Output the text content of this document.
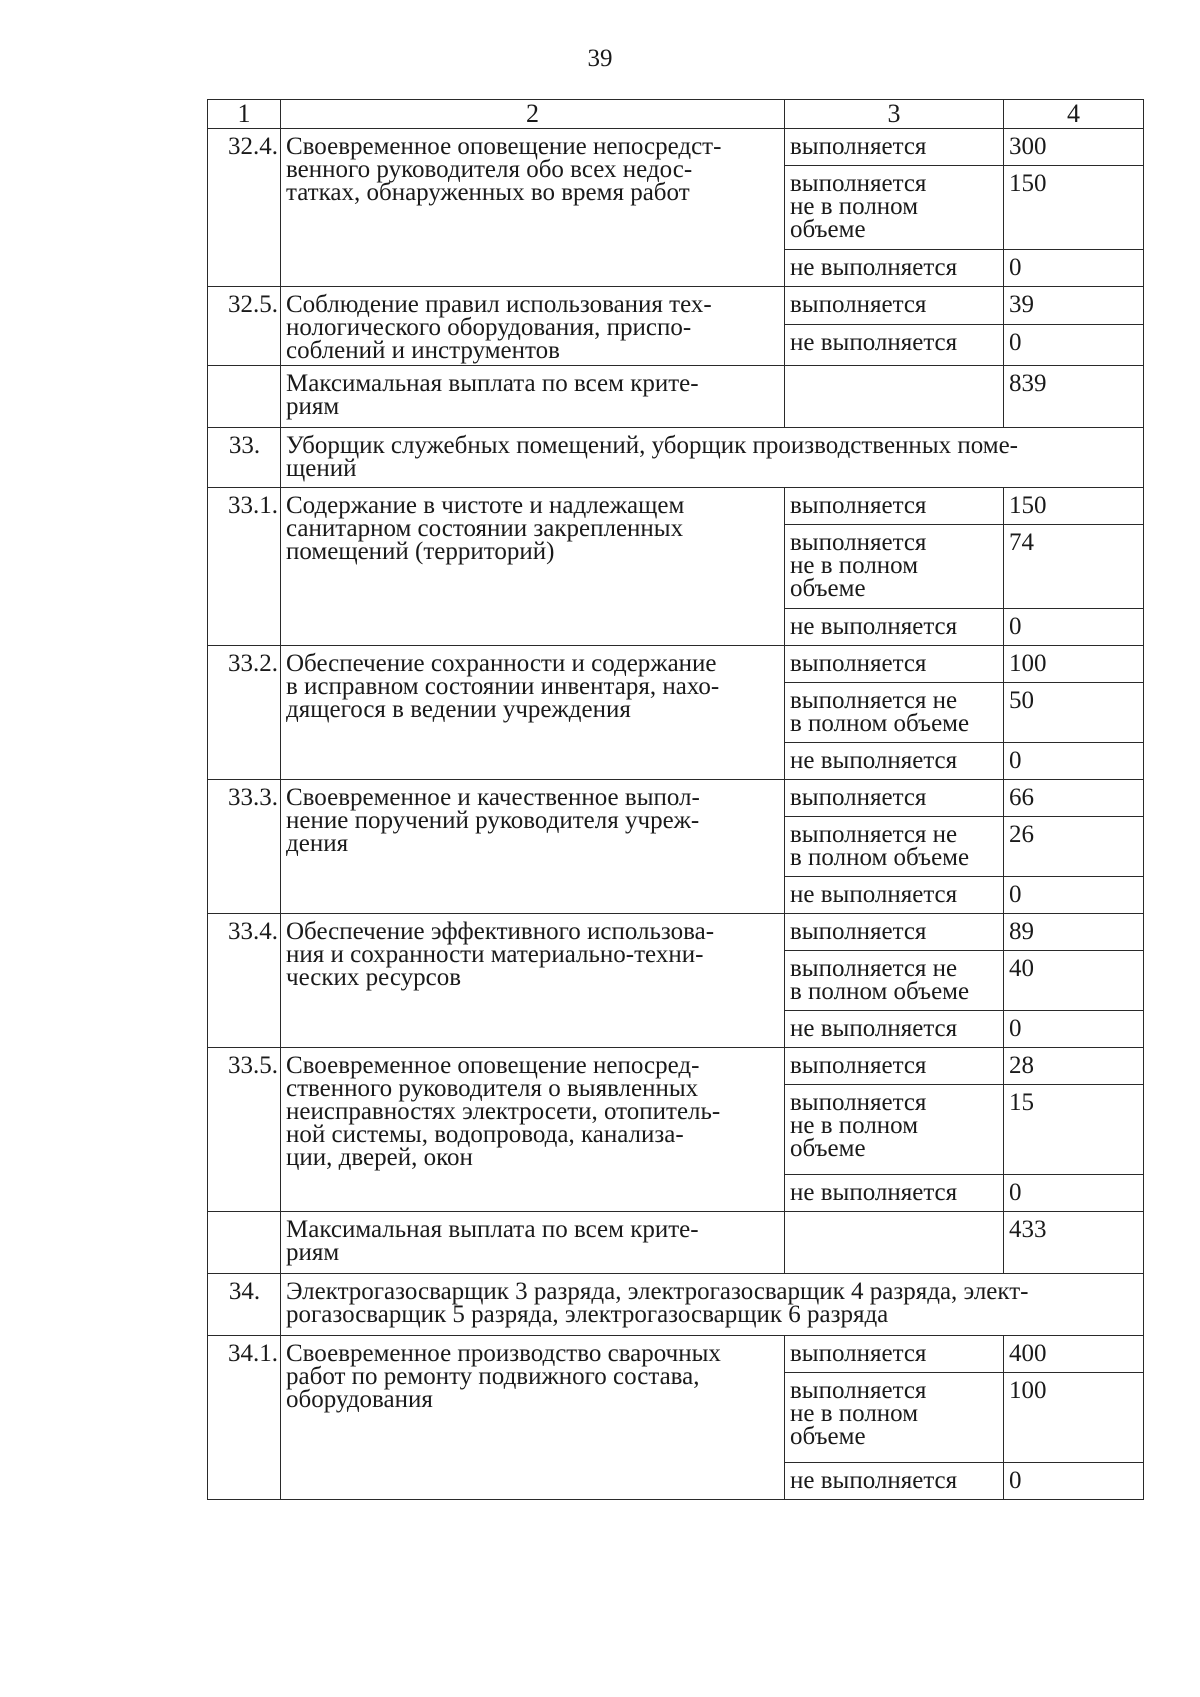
39
1	2	3	4
32.4.	Своевременное оповещение непосредст-
венного руководителя обо всех недос-
татках, обнаруженных во время работ	выполняется	300

		выполняется
не в полном
объеме	150
		не выполняется	0
32.5.	Соблюдение правил использования тех-
нологического оборудования, приспо-
соблений и инструментов	выполняется	39
		не выполняется	0

	Максимальная выплата по всем крите-
риям		839
33.	Уборщик служебных помещений, уборщик производственных поме-
щений		

33.1.	Содержание в чистоте и надлежащем
санитарном состоянии закрепленных
помещений (территорий)	выполняется	150

		выполняется
не в полном
объеме	74
		не выполняется	0
33.2.	Обеспечение сохранности и содержание
в исправном состоянии инвентаря, нахо-
дящегося в ведении учреждения	выполняется	100

		выполняется не
в полном объеме	50
		не выполняется	0
33.3.	Своевременное и качественное выпол-
нение поручений руководителя учреж-
дения	выполняется	66

		выполняется не
в полном объеме	26
		не выполняется	0
33.4.	Обеспечение эффективного использова-
ния и сохранности материально-техни-
ческих ресурсов	выполняется	89

		выполняется не
в полном объеме	40
		не выполняется	0
33.5.	Своевременное оповещение непосред-
ственного руководителя о выявленных
неисправностях электросети, отопитель-
ной системы, водопровода, канализа-
ции, дверей, окон	выполняется	28

		выполняется
не в полном
объеме	15
		не выполняется	0

	Максимальная выплата по всем крите-
риям		433
34.	Электрогазосварщик 3 разряда, электрогазосварщик 4 разряда, элект-
рогазосварщик 5 разряда, электрогазосварщик 6 разряда		

34.1.	Своевременное производство сварочных
работ по ремонту подвижного состава,
оборудования	выполняется	400

		выполняется
не в полном
объеме	100
		не выполняется	0
